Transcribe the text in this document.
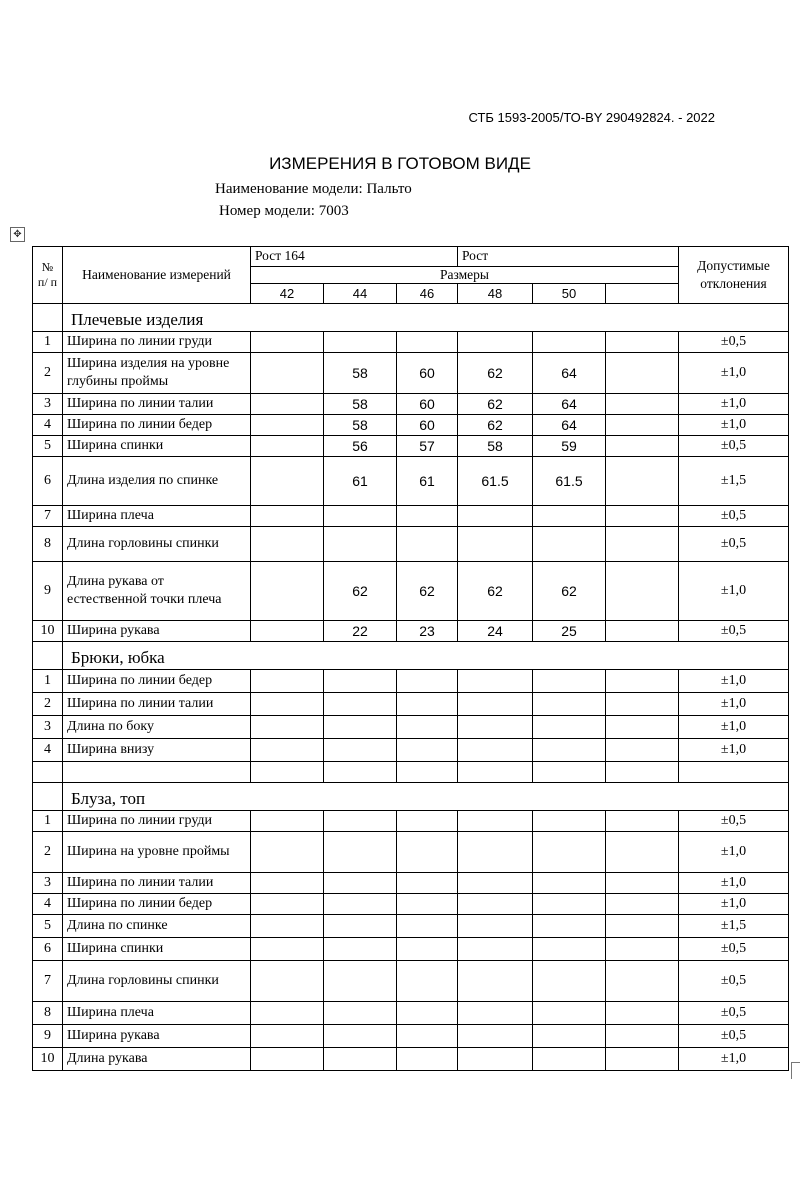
СТБ 1593-2005/ТО-BY 290492824. - 2022
ИЗМЕРЕНИЯ В ГОТОВОМ ВИДЕ
Наименование модели: Пальто
Номер модели: 7003
✥
№ п/ п	Наименование измерений	Рост 164			Рост			Допустимые отклонения
		Размеры						
		42	44	46	48	50		
	Плечевые изделия							
1	Ширина по линии груди							±0,5
2	Ширина изделия на уровне глубины проймы		58	60	62	64		±1,0
3	Ширина по линии талии		58	60	62	64		±1,0
4	Ширина по линии бедер		58	60	62	64		±1,0
5	Ширина спинки		56	57	58	59		±0,5
6	Длина изделия по спинке		61	61	61.5	61.5		±1,5
7	Ширина плеча							±0,5
8	Длина горловины спинки							±0,5
9	Длина рукава от естественной точки плеча		62	62	62	62		±1,0
10	Ширина рукава		22	23	24	25		±0,5
	Брюки, юбка							
1	Ширина по линии бедер							±1,0
2	Ширина по линии талии							±1,0
3	Длина по боку							±1,0
4	Ширина внизу							±1,0

	Блуза, топ							
1	Ширина по линии груди							±0,5
2	Ширина на уровне проймы							±1,0
3	Ширина по линии талии							±1,0
4	Ширина по линии бедер							±1,0
5	Длина по спинке							±1,5
6	Ширина спинки							±0,5
7	Длина горловины спинки							±0,5
8	Ширина плеча							±0,5
9	Ширина рукава							±0,5
10	Длина рукава							±1,0
